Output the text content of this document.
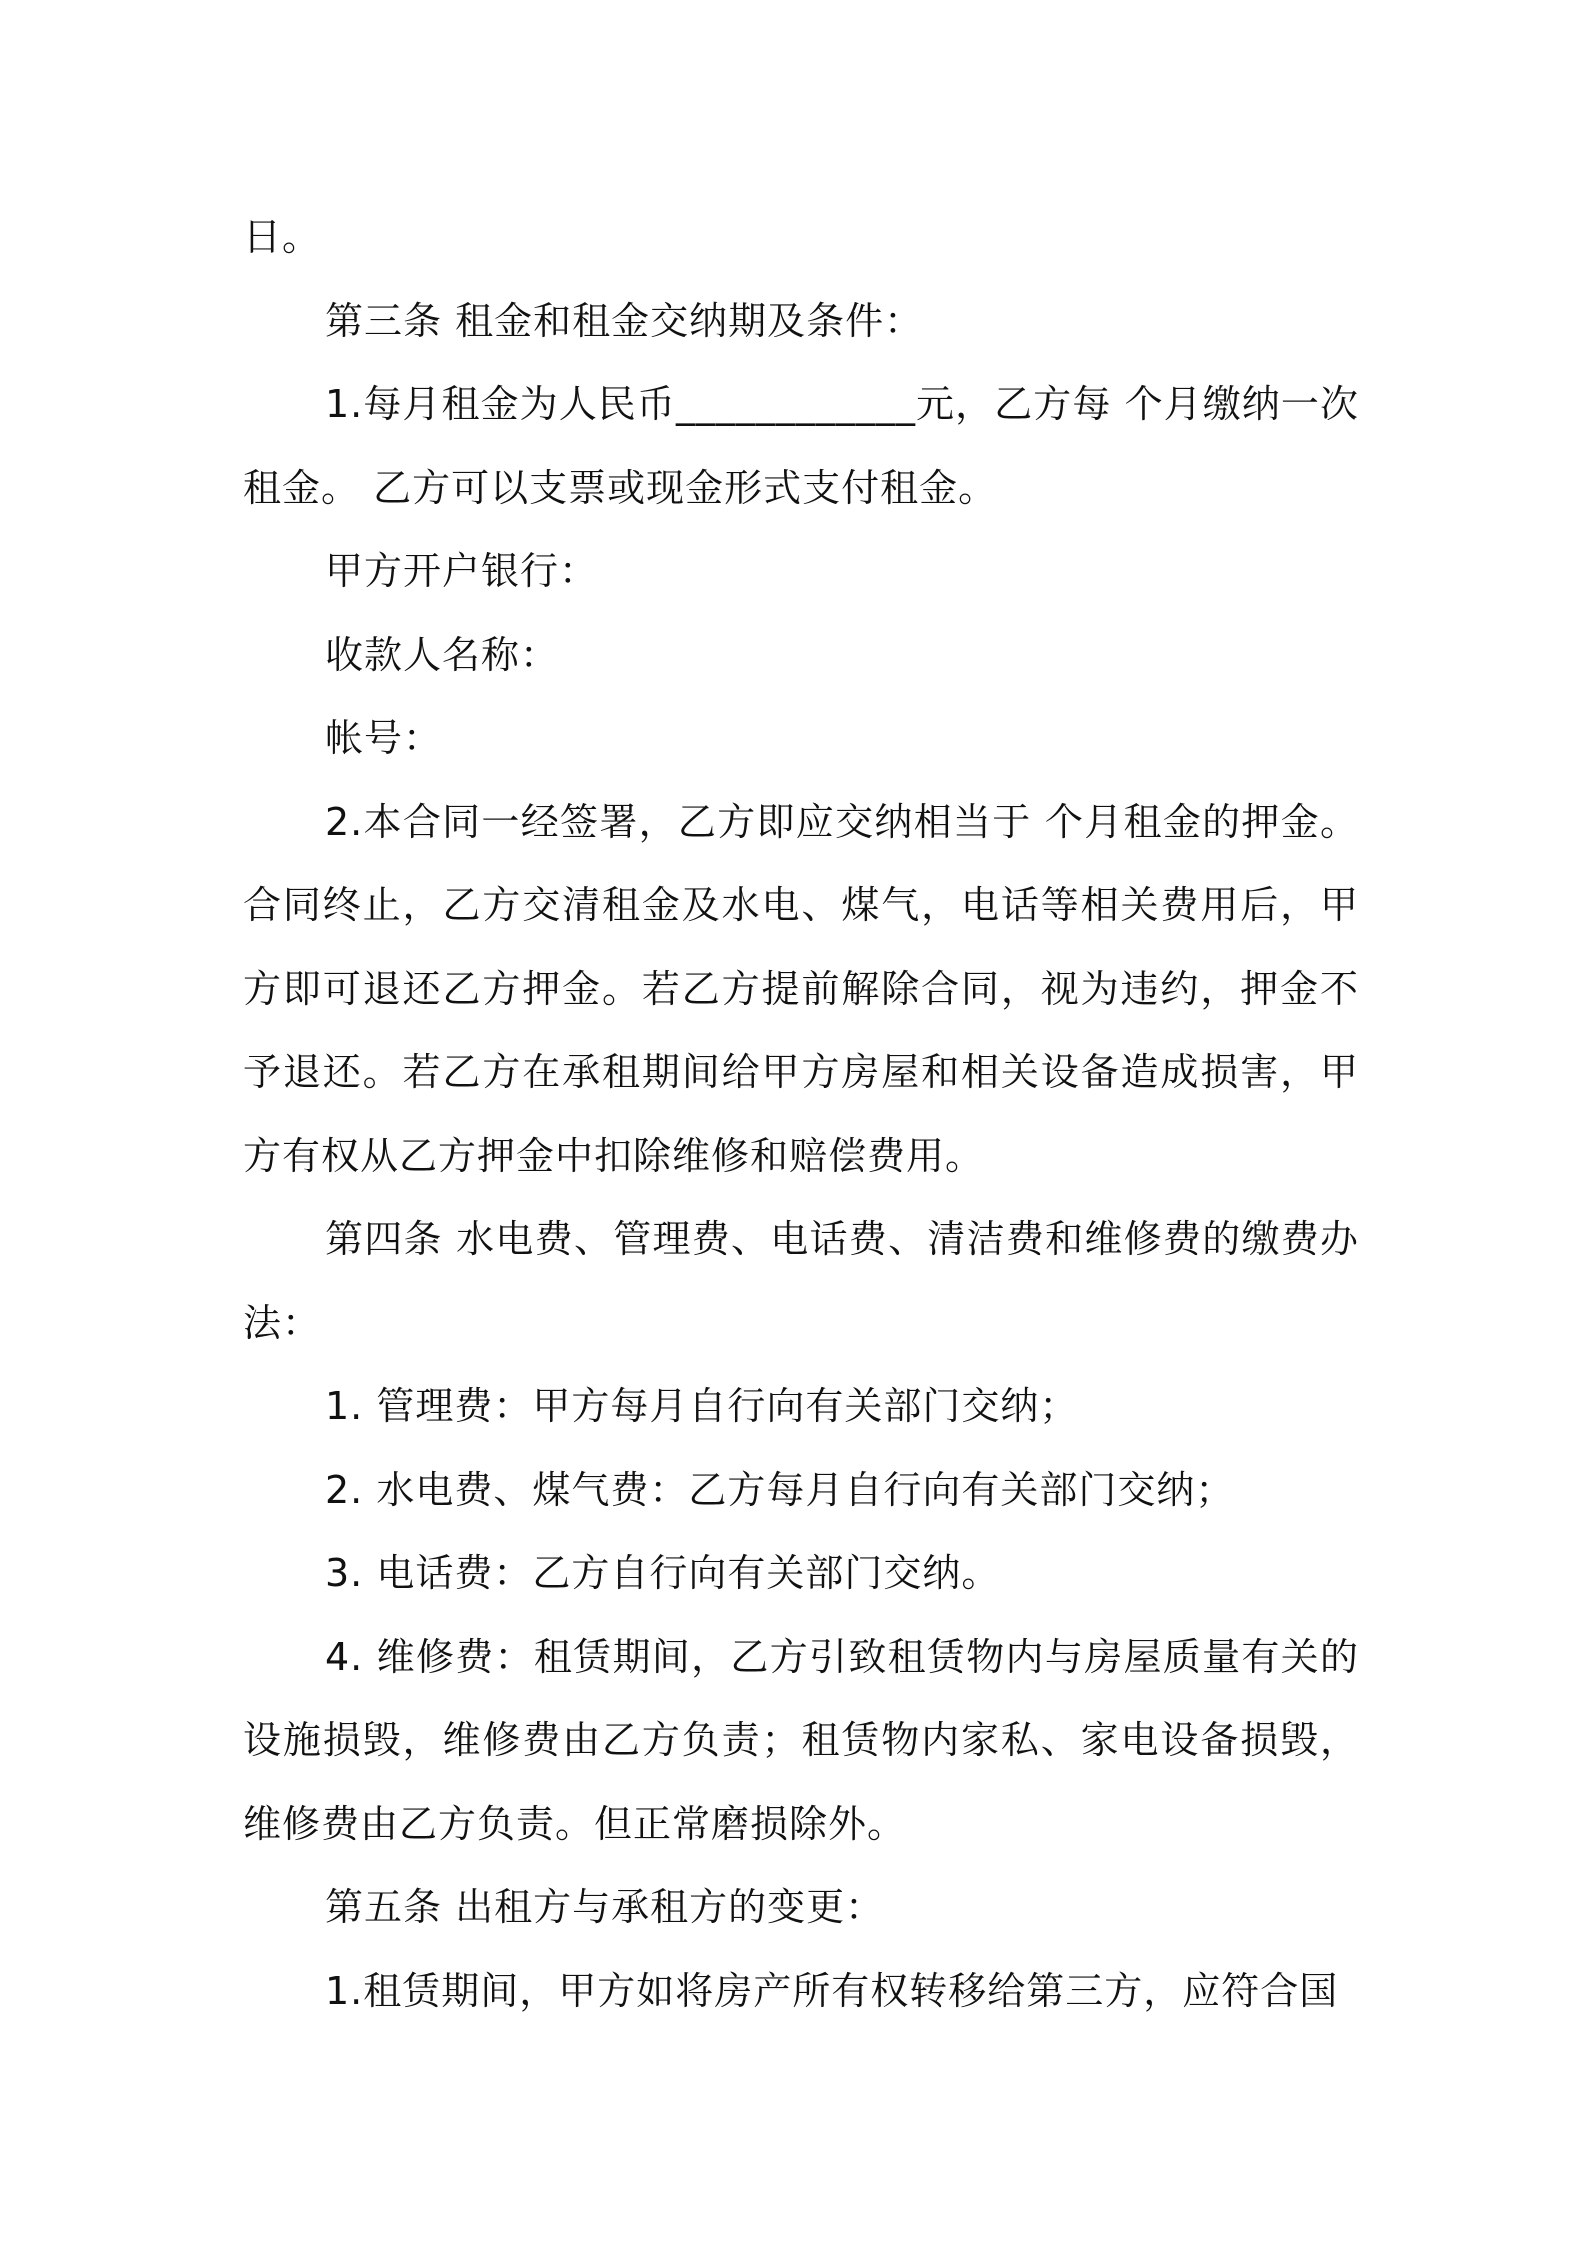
日。

第三条 租金和租金交纳期及条件：

1.每月租金为人民币____________元，乙方每 个月缴纳一次租金。 乙方可以支票或现金形式支付租金。

甲方开户银行：

收款人名称：

帐号：

2.本合同一经签署，乙方即应交纳相当于 个月租金的押金。合同终止，乙方交清租金及水电、煤气，电话等相关费用后，甲方即可退还乙方押金。若乙方提前解除合同，视为违约，押金不予退还。若乙方在承租期间给甲方房屋和相关设备造成损害，甲方有权从乙方押金中扣除维修和赔偿费用。

第四条 水电费、管理费、电话费、清洁费和维修费的缴费办法：

1. 管理费：甲方每月自行向有关部门交纳；

2. 水电费、煤气费：乙方每月自行向有关部门交纳；

3. 电话费：乙方自行向有关部门交纳。

4. 维修费：租赁期间，乙方引致租赁物内与房屋质量有关的设施损毁，维修费由乙方负责；租赁物内家私、家电设备损毁，维修费由乙方负责。但正常磨损除外。

第五条 出租方与承租方的变更：

1.租赁期间，甲方如将房产所有权转移给第三方，应符合国
